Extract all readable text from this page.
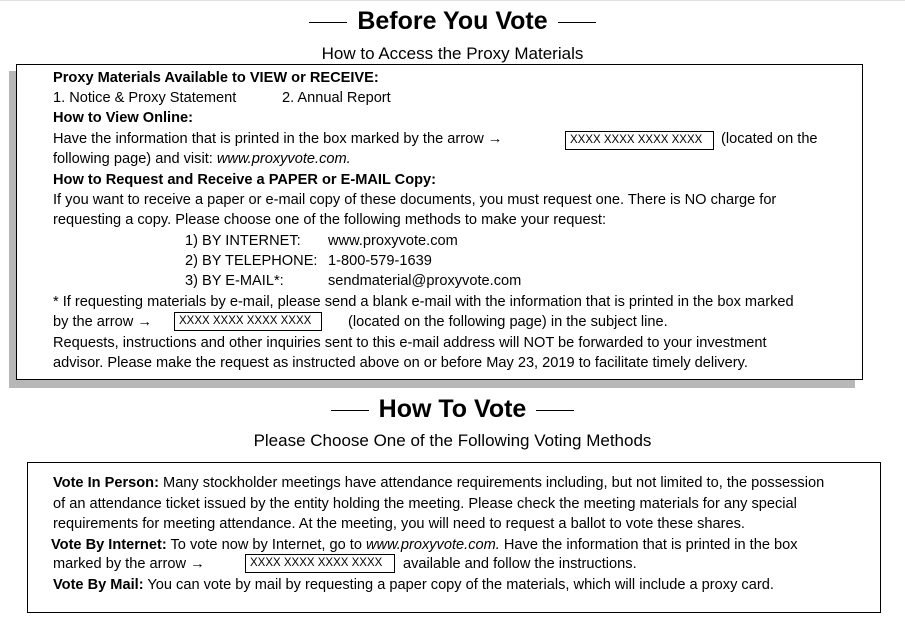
Before You Vote
How to Access the Proxy Materials
Proxy Materials Available to VIEW or RECEIVE:
1. Notice & Proxy Statement	2. Annual Report
How to View Online:
Have the information that is printed in the box marked by the arrow →	XXXX XXXX XXXX XXXX	(located on the
following page) and visit: www.proxyvote.com.
How to Request and Receive a PAPER or E-MAIL Copy:
If you want to receive a paper or e-mail copy of these documents, you must request one. There is NO charge for
requesting a copy. Please choose one of the following methods to make your request:
1) BY INTERNET: www.proxyvote.com
2) BY TELEPHONE: 1-800-579-1639
3) BY E-MAIL*:	sendmaterial@proxyvote.com
* If requesting materials by e-mail, please send a blank e-mail with the information that is printed in the box marked
by the arrow →	XXXX XXXX XXXX XXXX	(located on the following page) in the subject line.
Requests, instructions and other inquiries sent to this e-mail address will NOT be forwarded to your investment
advisor. Please make the request as instructed above on or before May 23, 2019 to facilitate timely delivery.
How To Vote
Please Choose One of the Following Voting Methods
Vote In Person: Many stockholder meetings have attendance requirements including, but not limited to, the possession
of an attendance ticket issued by the entity holding the meeting. Please check the meeting materials for any special
requirements for meeting attendance. At the meeting, you will need to request a ballot to vote these shares.
Vote By Internet: To vote now by Internet, go to www.proxyvote.com. Have the information that is printed in the box
marked by the arrow →	XXXX XXXX XXXX XXXX	available and follow the instructions.
Vote By Mail: You can vote by mail by requesting a paper copy of the materials, which will include a proxy card.
